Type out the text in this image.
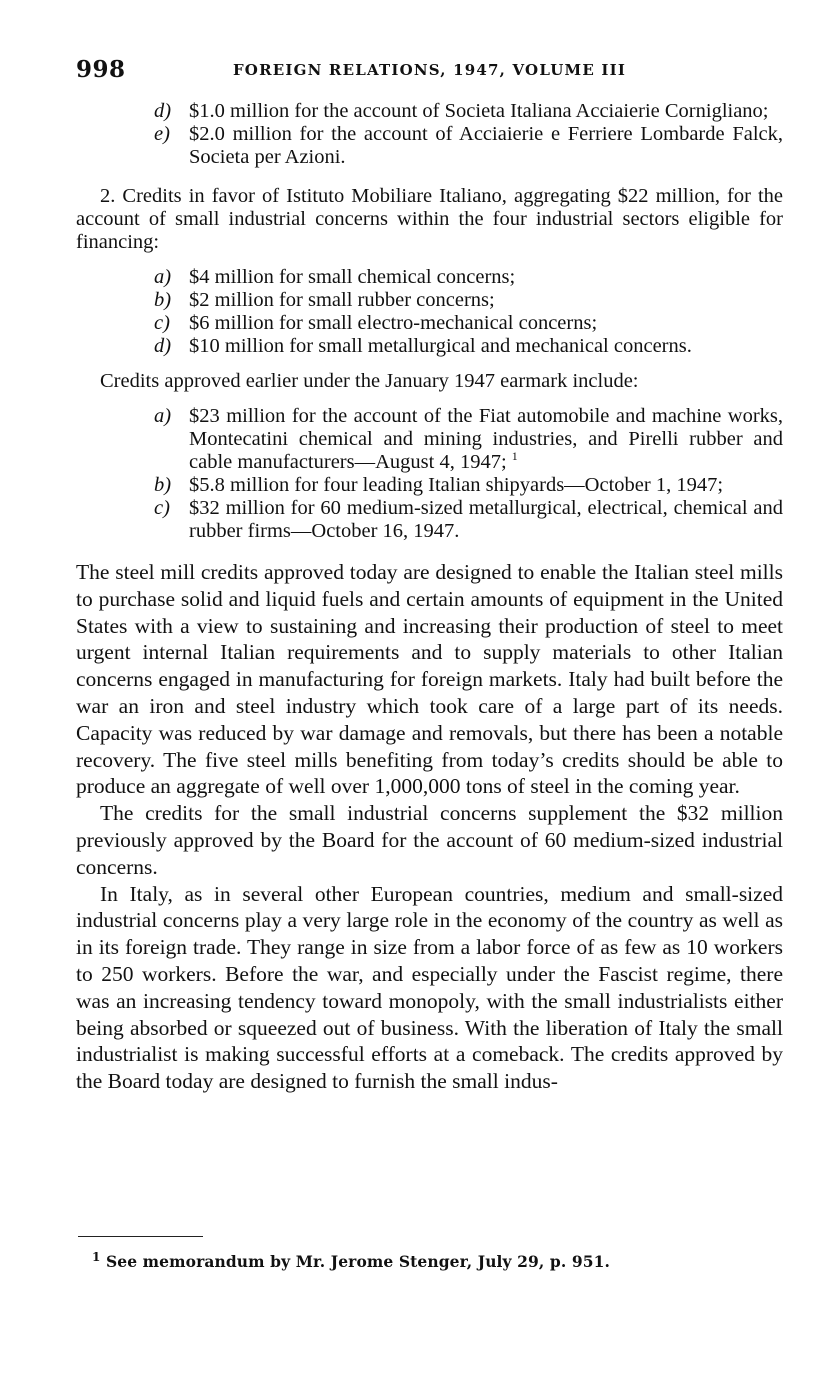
998	FOREIGN RELATIONS, 1947, VOLUME III

d) $1.0 million for the account of Societa Italiana Acciaierie Cornigliano;

e) $2.0 million for the account of Acciaierie e Ferriere Lombarde Falck, Societa per Azioni.

2. Credits in favor of Istituto Mobiliare Italiano, aggregating $22 million, for the account of small industrial concerns within the four industrial sectors eligible for financing:

a) $4 million for small chemical concerns;

b) $2 million for small rubber concerns;

c) $6 million for small electro-mechanical concerns;

d) $10 million for small metallurgical and mechanical concerns.

Credits approved earlier under the January 1947 earmark include:

a) $23 million for the account of the Fiat automobile and machine works, Montecatini chemical and mining industries, and Pirelli rubber and cable manufacturers—August 4, 1947; $^1$

b) $5.8 million for four leading Italian shipyards—October 1, 1947;

c) $32 million for 60 medium-sized metallurgical, electrical, chemical and rubber firms—October 16, 1947.

The steel mill credits approved today are designed to enable the Italian steel mills to purchase solid and liquid fuels and certain amounts of equipment in the United States with a view to sustaining and increasing their production of steel to meet urgent internal Italian requirements and to supply materials to other Italian concerns engaged in manufacturing for foreign markets. Italy had built before the war an iron and steel industry which took care of a large part of its needs. Capacity was reduced by war damage and removals, but there has been a notable recovery. The five steel mills benefiting from today’s credits should be able to produce an aggregate of well over 1,000,000 tons of steel in the coming year.

The credits for the small industrial concerns supplement the $32 million previously approved by the Board for the account of 60 medium-sized industrial concerns.

In Italy, as in several other European countries, medium and small-sized industrial concerns play a very large role in the economy of the country as well as in its foreign trade. They range in size from a labor force of as few as 10 workers to 250 workers. Before the war, and especially under the Fascist regime, there was an increasing tendency toward monopoly, with the small industrialists either being absorbed or squeezed out of business. With the liberation of Italy the small industrialist is making successful efforts at a comeback. The credits approved by the Board today are designed to furnish the small indus-

$^1$ See memorandum by Mr. Jerome Stenger, July 29, p. 951.
